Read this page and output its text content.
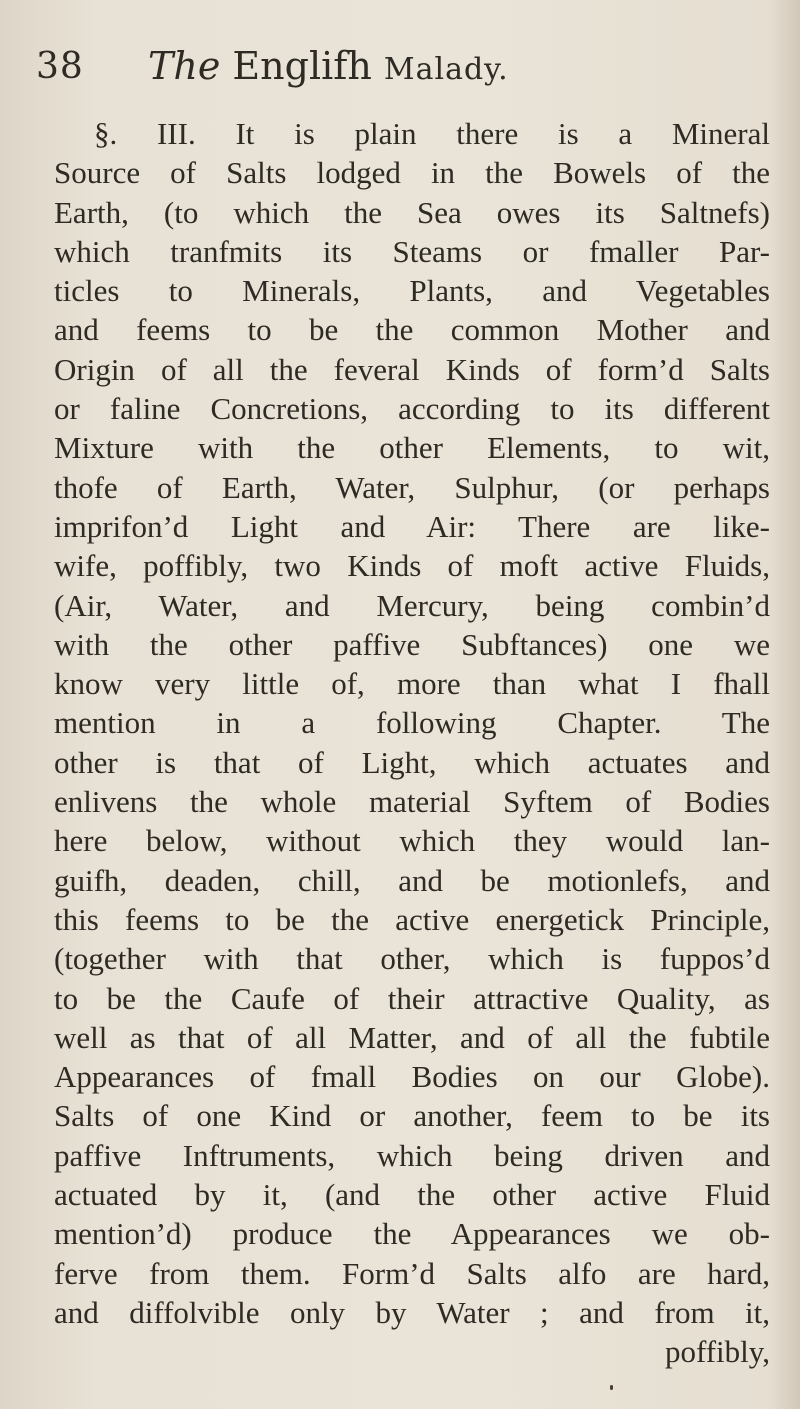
38 The Englifh Malady.
§. III. It is plain there is a Mineral
Source of Salts lodged in the Bowels of the
Earth, (to which the Sea owes its Saltnefs)
which tranfmits its Steams or fmaller Par-
ticles to Minerals, Plants, and Vegetables
and feems to be the common Mother and
Origin of all the feveral Kinds of form’d Salts
or faline Concretions, according to its different
Mixture with the other Elements, to wit,
thofe of Earth, Water, Sulphur, (or perhaps
imprifon’d Light and Air: There are like-
wife, poffibly, two Kinds of moft active Fluids,
(Air, Water, and Mercury, being combin’d
with the other paffive Subftances) one we
know very little of, more than what I fhall
mention in a following Chapter. The
other is that of Light, which actuates and
enlivens the whole material Syftem of Bodies
here below, without which they would lan-
guifh, deaden, chill, and be motionlefs, and
this feems to be the active energetick Principle,
(together with that other, which is fuppos’d
to be the Caufe of their attractive Quality, as
well as that of all Matter, and of all the fubtile
Appearances of fmall Bodies on our Globe).
Salts of one Kind or another, feem to be its
paffive Inftruments, which being driven and
actuated by it, (and the other active Fluid
mention’d) produce the Appearances we ob-
ferve from them. Form’d Salts alfo are hard,
and diffolvible only by Water ; and from it,
poffibly,
